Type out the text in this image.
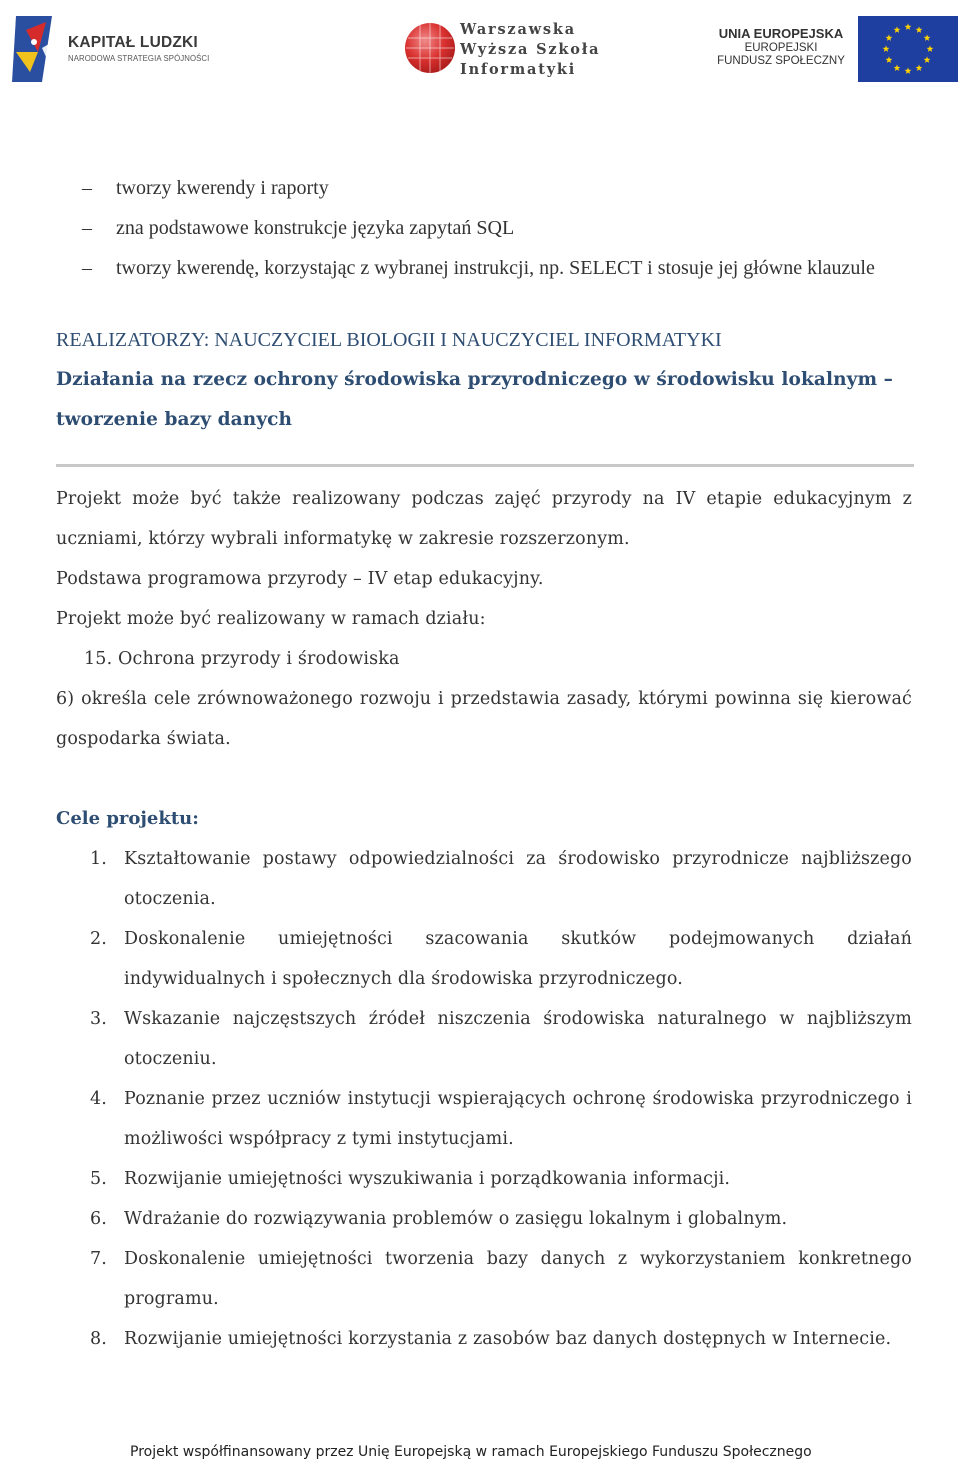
KAPITAŁ LUDZKI
NARODOWA STRATEGIA SPÓJNOŚCI
Warszawska
Wyższa Szkoła
Informatyki
UNIA EUROPEJSKA
EUROPEJSKI
FUNDUSZ SPOŁECZNY
– tworzy kwerendy i raporty
– zna podstawowe konstrukcje języka zapytań SQL
– tworzy kwerendę, korzystając z wybranej instrukcji, np. SELECT i stosuje jej główne klauzule
REALIZATORZY: NAUCZYCIEL BIOLOGII I NAUCZYCIEL INFORMATYKI
Działania na rzecz ochrony środowiska przyrodniczego w środowisku lokalnym – tworzenie bazy danych
Projekt może być także realizowany podczas zajęć przyrody na IV etapie edukacyjnym z uczniami, którzy wybrali informatykę w zakresie rozszerzonym.
Podstawa programowa przyrody – IV etap edukacyjny.
Projekt może być realizowany w ramach działu:
15. Ochrona przyrody i środowiska
6) określa cele zrównoważonego rozwoju i przedstawia zasady, którymi powinna się kierować gospodarka świata.
Cele projektu:
1. Kształtowanie postawy odpowiedzialności za środowisko przyrodnicze najbliższego otoczenia.
2. Doskonalenie umiejętności szacowania skutków podejmowanych działań indywidualnych i społecznych dla środowiska przyrodniczego.
3. Wskazanie najczęstszych źródeł niszczenia środowiska naturalnego w najbliższym otoczeniu.
4. Poznanie przez uczniów instytucji wspierających ochronę środowiska przyrodniczego i możliwości współpracy z tymi instytucjami.
5. Rozwijanie umiejętności wyszukiwania i porządkowania informacji.
6. Wdrażanie do rozwiązywania problemów o zasięgu lokalnym i globalnym.
7. Doskonalenie umiejętności tworzenia bazy danych z wykorzystaniem konkretnego programu.
8. Rozwijanie umiejętności korzystania z zasobów baz danych dostępnych w Internecie.
Projekt współfinansowany przez Unię Europejską w ramach Europejskiego Funduszu Społecznego
